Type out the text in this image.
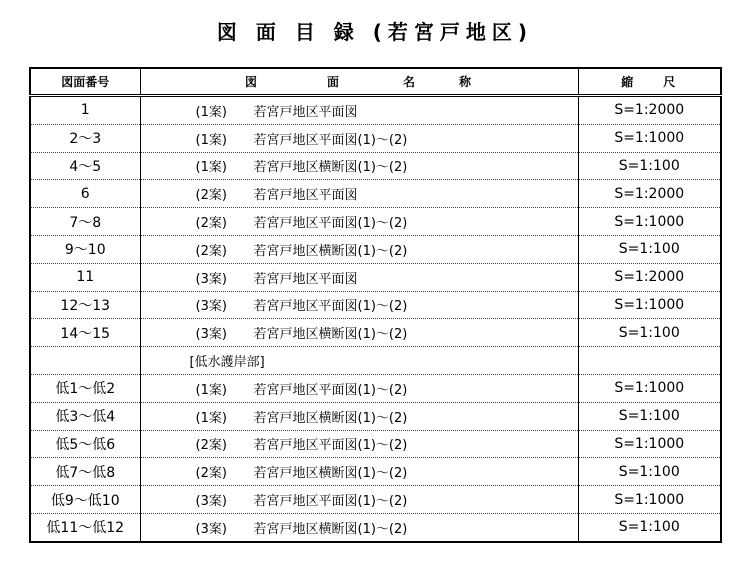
図 面 目 録 (若宮戸地区)
図面番号	図 面 名 称	縮 尺
1	(1案) 若宮戸地区平面図	S=1:2000
2～3	(1案) 若宮戸地区平面図(1)～(2)	S=1:1000
4～5	(1案) 若宮戸地区横断図(1)～(2)	S=1:100
6	(2案) 若宮戸地区平面図	S=1:2000
7～8	(2案) 若宮戸地区平面図(1)～(2)	S=1:1000
9～10	(2案) 若宮戸地区横断図(1)～(2)	S=1:100
11	(3案) 若宮戸地区平面図	S=1:2000
12～13	(3案) 若宮戸地区平面図(1)～(2)	S=1:1000
14～15	(3案) 若宮戸地区横断図(1)～(2)	S=1:100
	[低水護岸部]	
低1～低2	(1案) 若宮戸地区平面図(1)～(2)	S=1:1000
低3～低4	(1案) 若宮戸地区横断図(1)～(2)	S=1:100
低5～低6	(2案) 若宮戸地区平面図(1)～(2)	S=1:1000
低7～低8	(2案) 若宮戸地区横断図(1)～(2)	S=1:100
低9～低10	(3案) 若宮戸地区平面図(1)～(2)	S=1:1000
低11～低12	(3案) 若宮戸地区横断図(1)～(2)	S=1:100
